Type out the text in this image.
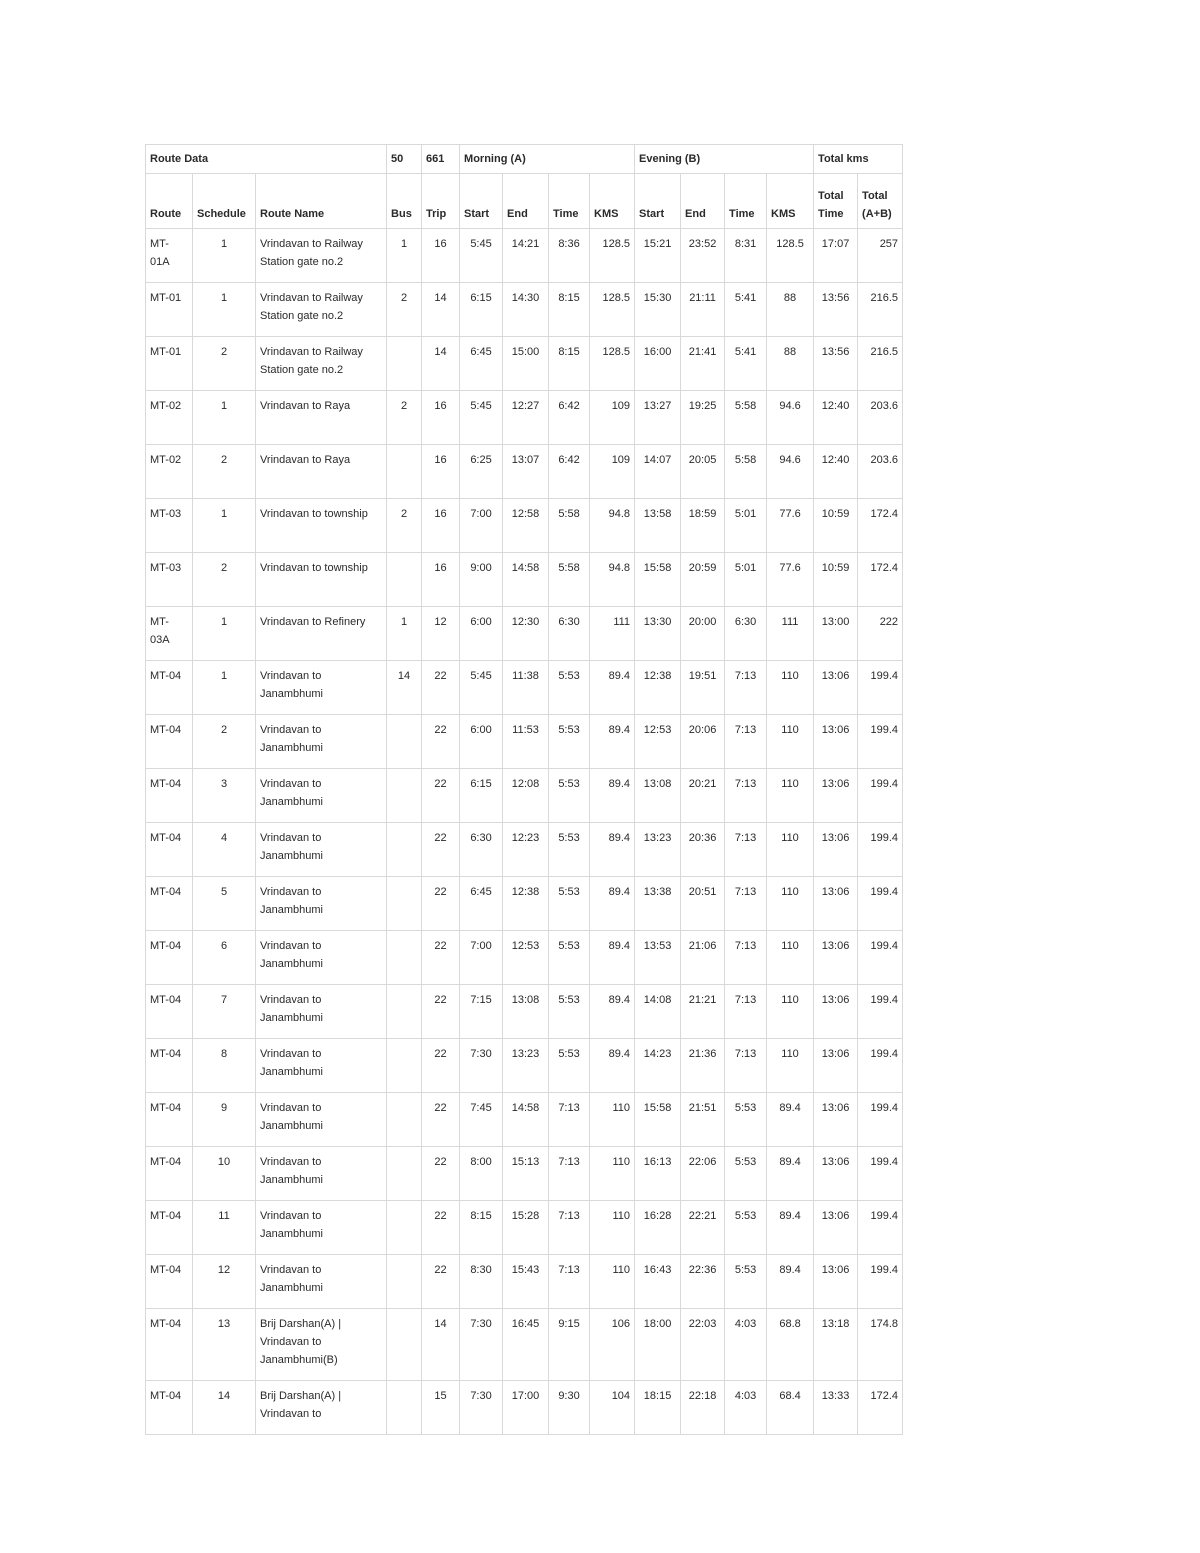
Route Data			50	661	Morning (A)				Evening (B)				Total kms	
Route	Schedule	Route Name	Bus	Trip	Start	End	Time	KMS	Start	End	Time	KMS	Total Time	Total (A+B)
MT-01A	1	Vrindavan to Railway Station gate no.2	1	16	5:45	14:21	8:36	128.5	15:21	23:52	8:31	128.5	17:07	257
MT-01	1	Vrindavan to Railway Station gate no.2	2	14	6:15	14:30	8:15	128.5	15:30	21:11	5:41	88	13:56	216.5
MT-01	2	Vrindavan to Railway Station gate no.2		14	6:45	15:00	8:15	128.5	16:00	21:41	5:41	88	13:56	216.5
MT-02	1	Vrindavan to Raya	2	16	5:45	12:27	6:42	109	13:27	19:25	5:58	94.6	12:40	203.6
MT-02	2	Vrindavan to Raya		16	6:25	13:07	6:42	109	14:07	20:05	5:58	94.6	12:40	203.6
MT-03	1	Vrindavan to township	2	16	7:00	12:58	5:58	94.8	13:58	18:59	5:01	77.6	10:59	172.4
MT-03	2	Vrindavan to township		16	9:00	14:58	5:58	94.8	15:58	20:59	5:01	77.6	10:59	172.4
MT-03A	1	Vrindavan to Refinery	1	12	6:00	12:30	6:30	111	13:30	20:00	6:30	111	13:00	222
MT-04	1	Vrindavan to Janambhumi	14	22	5:45	11:38	5:53	89.4	12:38	19:51	7:13	110	13:06	199.4
MT-04	2	Vrindavan to Janambhumi		22	6:00	11:53	5:53	89.4	12:53	20:06	7:13	110	13:06	199.4
MT-04	3	Vrindavan to Janambhumi		22	6:15	12:08	5:53	89.4	13:08	20:21	7:13	110	13:06	199.4
MT-04	4	Vrindavan to Janambhumi		22	6:30	12:23	5:53	89.4	13:23	20:36	7:13	110	13:06	199.4
MT-04	5	Vrindavan to Janambhumi		22	6:45	12:38	5:53	89.4	13:38	20:51	7:13	110	13:06	199.4
MT-04	6	Vrindavan to Janambhumi		22	7:00	12:53	5:53	89.4	13:53	21:06	7:13	110	13:06	199.4
MT-04	7	Vrindavan to Janambhumi		22	7:15	13:08	5:53	89.4	14:08	21:21	7:13	110	13:06	199.4
MT-04	8	Vrindavan to Janambhumi		22	7:30	13:23	5:53	89.4	14:23	21:36	7:13	110	13:06	199.4
MT-04	9	Vrindavan to Janambhumi		22	7:45	14:58	7:13	110	15:58	21:51	5:53	89.4	13:06	199.4
MT-04	10	Vrindavan to Janambhumi		22	8:00	15:13	7:13	110	16:13	22:06	5:53	89.4	13:06	199.4
MT-04	11	Vrindavan to Janambhumi		22	8:15	15:28	7:13	110	16:28	22:21	5:53	89.4	13:06	199.4
MT-04	12	Vrindavan to Janambhumi		22	8:30	15:43	7:13	110	16:43	22:36	5:53	89.4	13:06	199.4
MT-04	13	Brij Darshan(A) | Vrindavan to Janambhumi(B)		14	7:30	16:45	9:15	106	18:00	22:03	4:03	68.8	13:18	174.8
MT-04	14	Brij Darshan(A) | Vrindavan to		15	7:30	17:00	9:30	104	18:15	22:18	4:03	68.4	13:33	172.4
